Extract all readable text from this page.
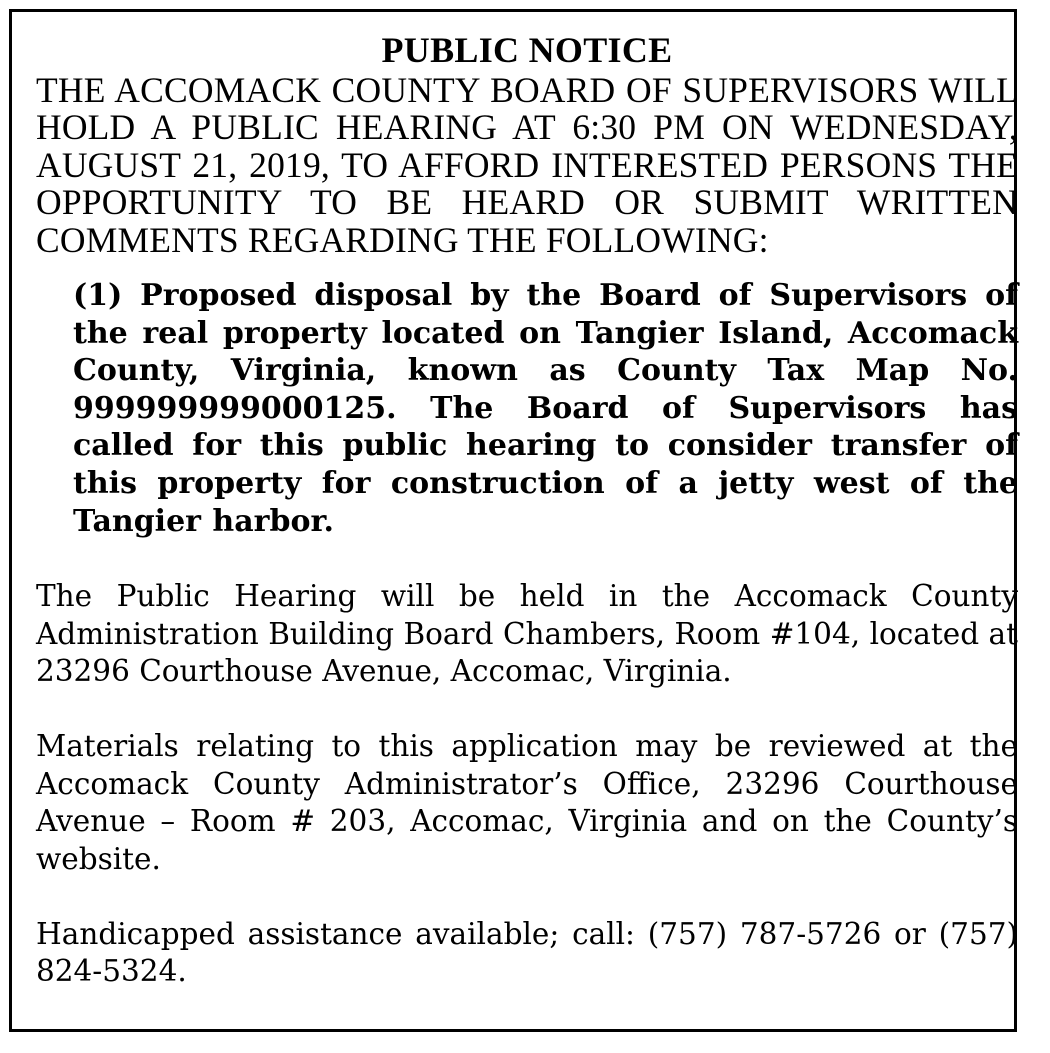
PUBLIC NOTICE

THE ACCOMACK COUNTY BOARD OF SUPERVISORS WILL HOLD A PUBLIC HEARING AT 6:30 PM ON WEDNESDAY, AUGUST 21, 2019, TO AFFORD INTERESTED PERSONS THE OPPORTUNITY TO BE HEARD OR SUBMIT WRITTEN COMMENTS REGARDING THE FOLLOWING:

(1) Proposed disposal by the Board of Supervisors of the real property located on Tangier Island, Accomack County, Virginia, known as County Tax Map No. 999999999000125. The Board of Supervisors has called for this public hearing to consider transfer of this property for construction of a jetty west of the Tangier harbor.

The Public Hearing will be held in the Accomack County Administration Building Board Chambers, Room #104, located at 23296 Courthouse Avenue, Accomac, Virginia.

Materials relating to this application may be reviewed at the Accomack County Administrator’s Office, 23296 Courthouse Avenue – Room # 203, Accomac, Virginia and on the County’s website.

Handicapped assistance available; call: (757) 787-5726 or (757) 824-5324.
